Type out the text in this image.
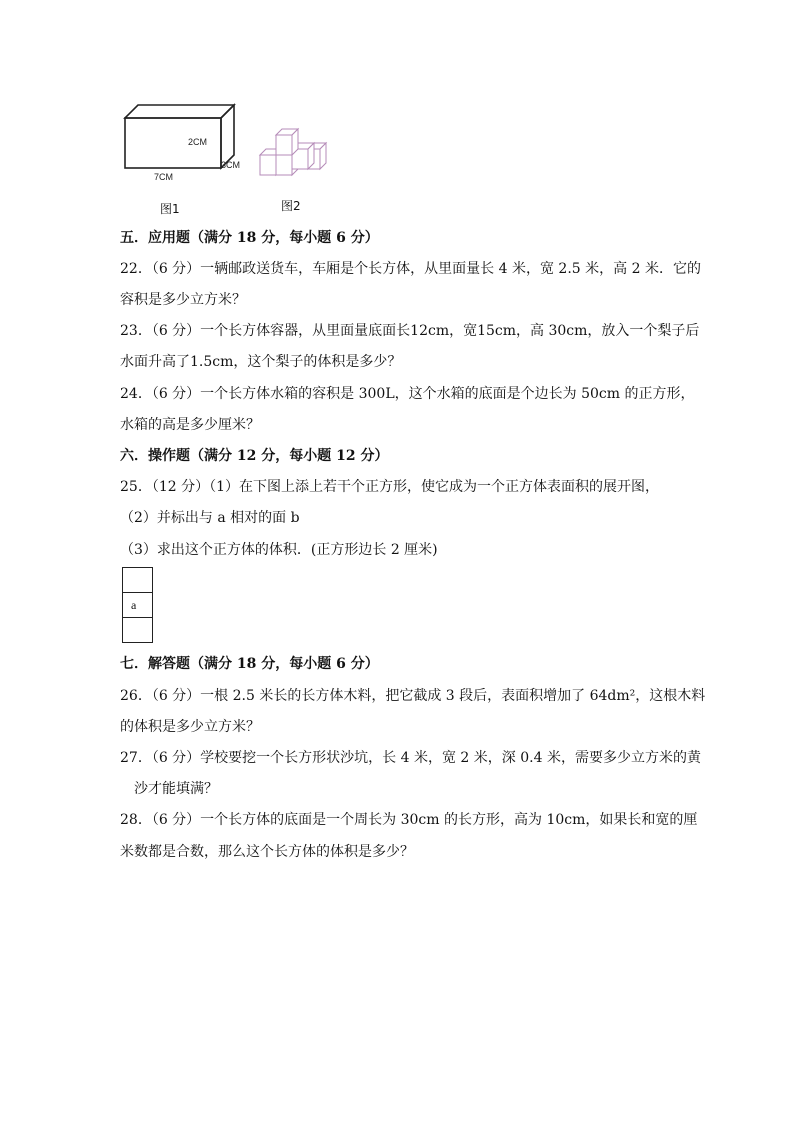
2CM
3CM
7CM
图1	图2
五．应用题（满分 18 分，每小题 6 分）
22．（6 分）一辆邮政送货车，车厢是个长方体，从里面量长 4 米，宽 2.5 米，高 2 米．它的
容积是多少立方米？
23．（6 分）一个长方体容器，从里面量底面长12cm，宽15cm，高 30cm，放入一个梨子后
水面升高了1.5cm，这个梨子的体积是多少？
24．（6 分）一个长方体水箱的容积是 300L，这个水箱的底面是个边长为 50cm 的正方形，
水箱的高是多少厘米？
六．操作题（满分 12 分，每小题 12 分）
25．（12 分）（1）在下图上添上若干个正方形，使它成为一个正方体表面积的展开图，
（2）并标出与 a 相对的面 b
（3）求出这个正方体的体积．(正方形边长 2 厘米)
a
七．解答题（满分 18 分，每小题 6 分）
26．（6 分）一根 2.5 米长的长方体木料，把它截成 3 段后，表面积增加了 64dm²，这根木料
的体积是多少立方米？
27．（6 分）学校要挖一个长方形状沙坑，长 4 米，宽 2 米，深 0.4 米，需要多少立方米的黄
沙才能填满？
28．（6 分）一个长方体的底面是一个周长为 30cm 的长方形，高为 10cm，如果长和宽的厘
米数都是合数，那么这个长方体的体积是多少？
